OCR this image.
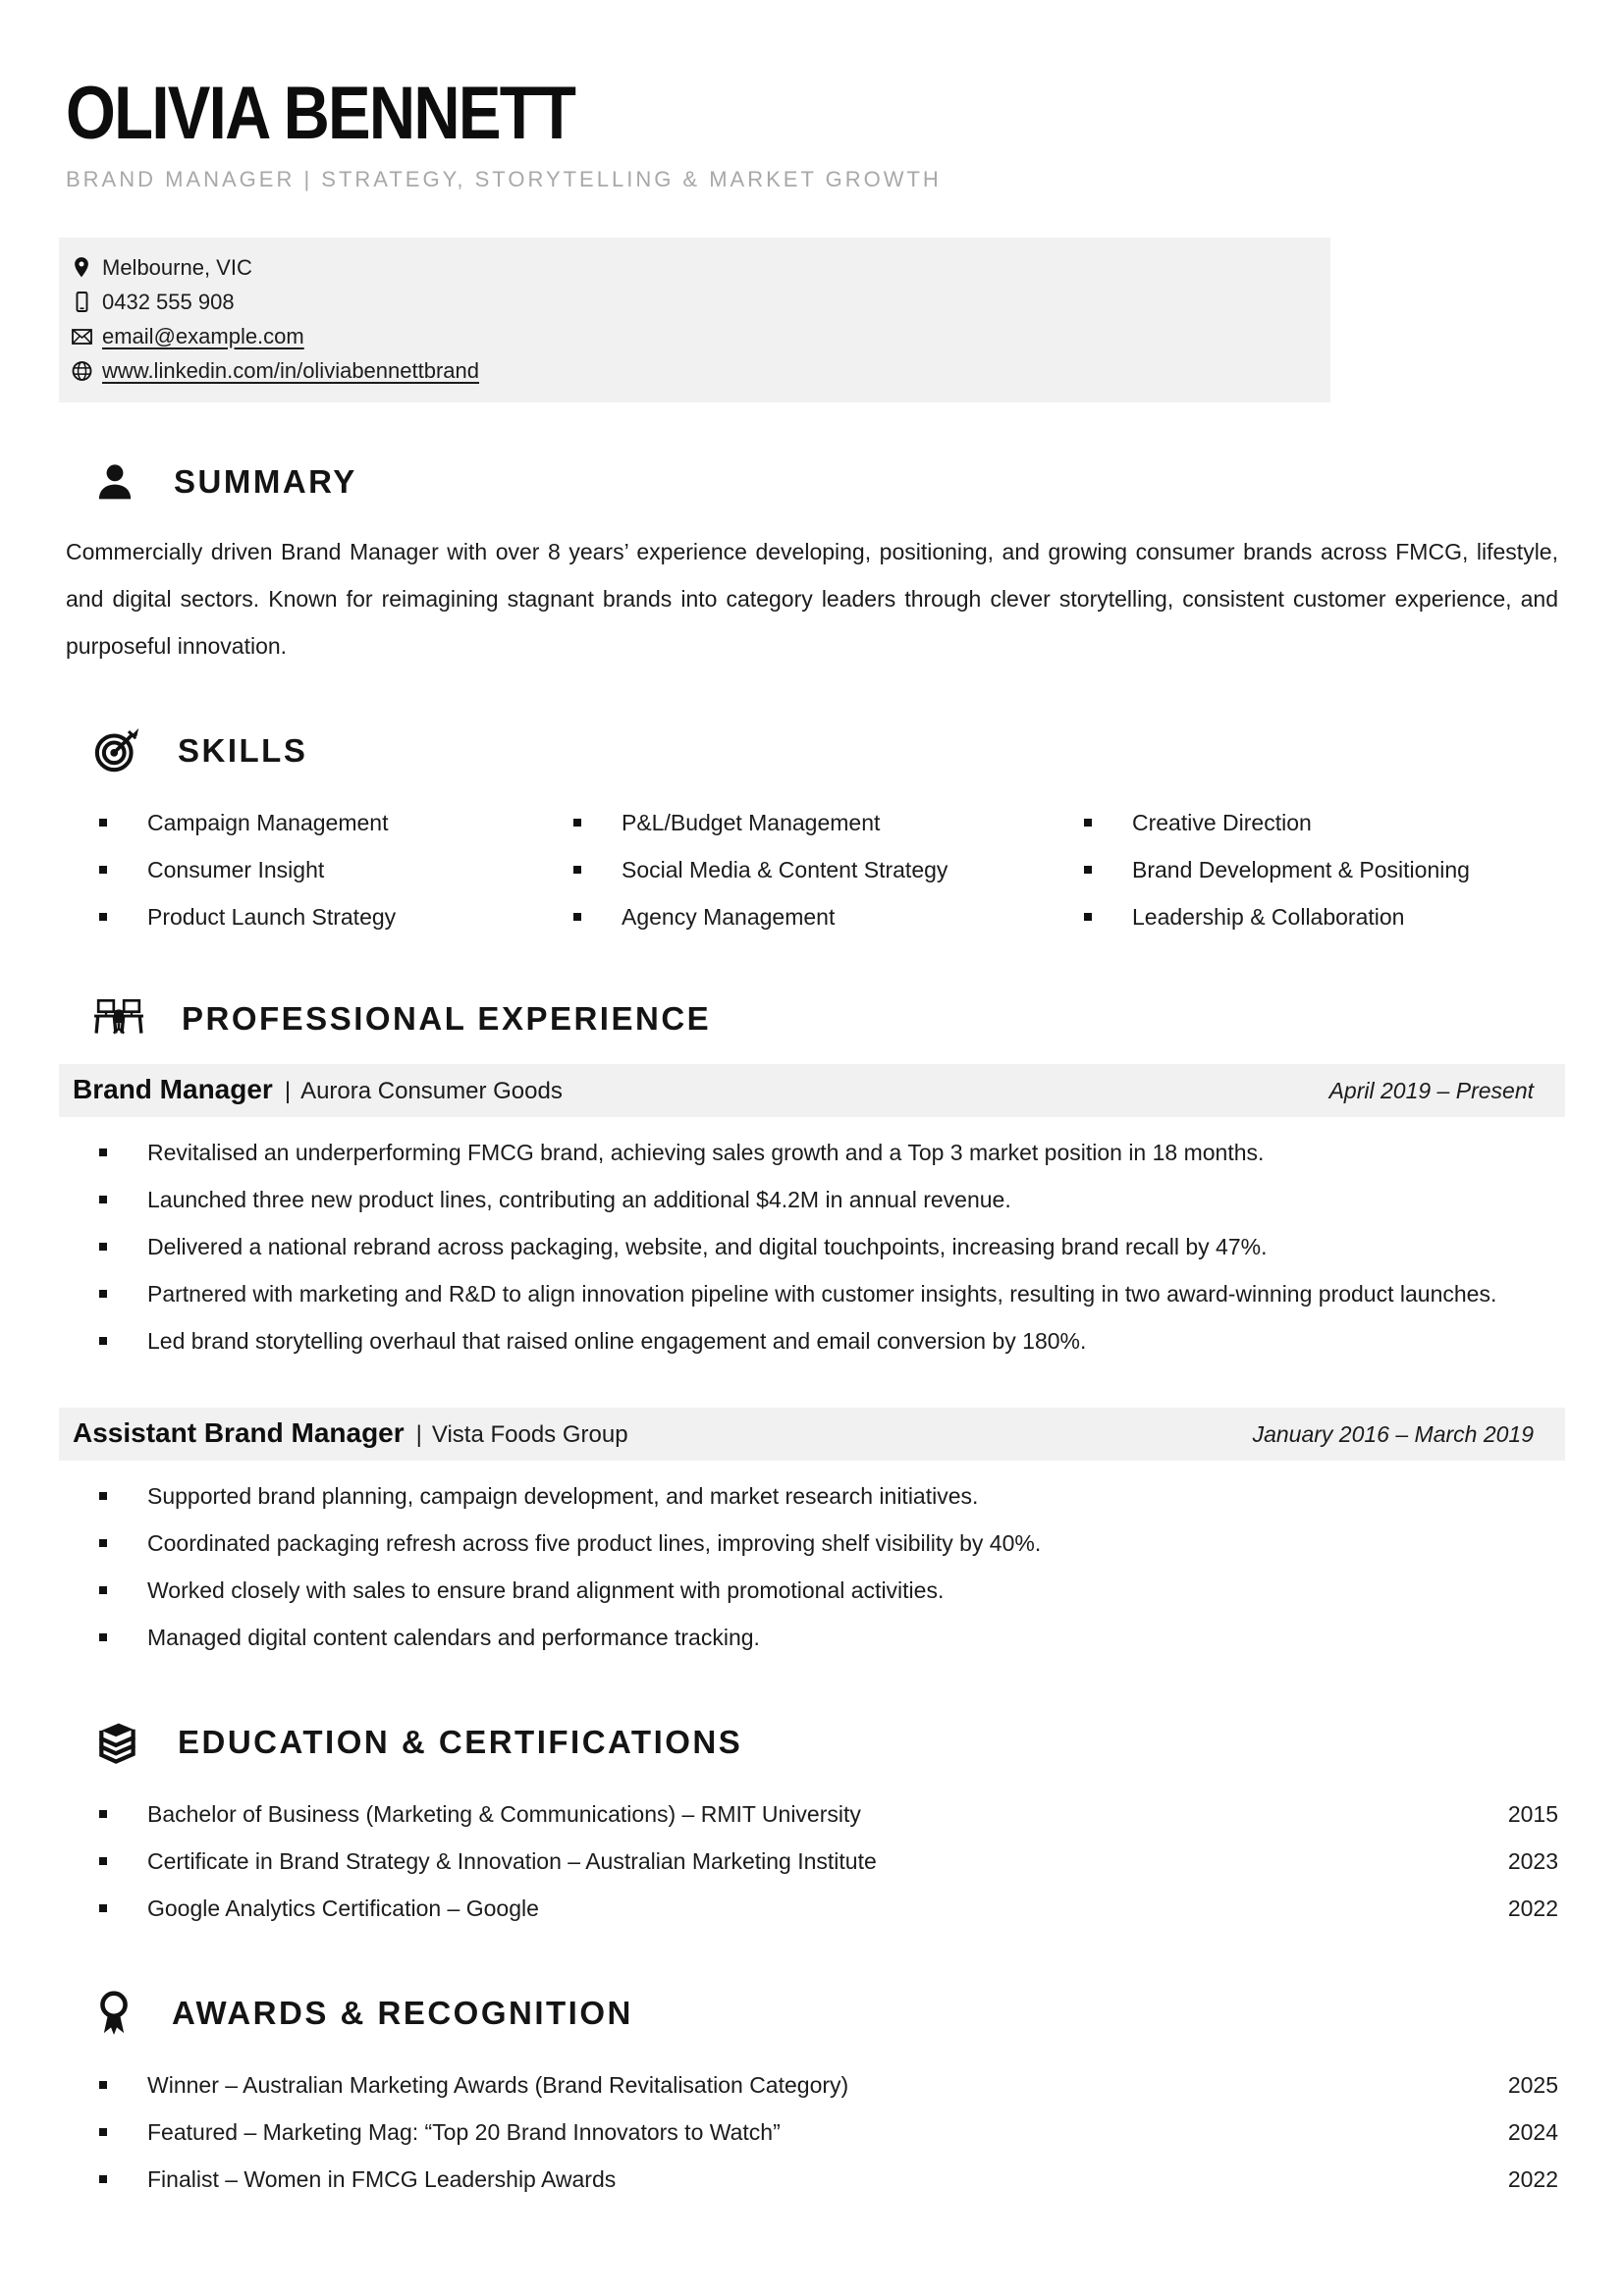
OLIVIA BENNETT
BRAND MANAGER | STRATEGY, STORYTELLING & MARKET GROWTH
Melbourne, VIC
0432 555 908
email@example.com
www.linkedin.com/in/oliviabennettbrand
SUMMARY
Commercially driven Brand Manager with over 8 years’ experience developing, positioning, and growing consumer brands across FMCG, lifestyle, and digital sectors. Known for reimagining stagnant brands into category leaders through clever storytelling, consistent customer experience, and purposeful innovation.
SKILLS
Campaign Management
Consumer Insight
Product Launch Strategy
P&L/Budget Management
Social Media & Content Strategy
Agency Management
Creative Direction
Brand Development & Positioning
Leadership & Collaboration
PROFESSIONAL EXPERIENCE
Brand Manager | Aurora Consumer Goods	April 2019 – Present
Revitalised an underperforming FMCG brand, achieving sales growth and a Top 3 market position in 18 months.
Launched three new product lines, contributing an additional $4.2M in annual revenue.
Delivered a national rebrand across packaging, website, and digital touchpoints, increasing brand recall by 47%.
Partnered with marketing and R&D to align innovation pipeline with customer insights, resulting in two award-winning product launches.
Led brand storytelling overhaul that raised online engagement and email conversion by 180%.
Assistant Brand Manager | Vista Foods Group	January 2016 – March 2019
Supported brand planning, campaign development, and market research initiatives.
Coordinated packaging refresh across five product lines, improving shelf visibility by 40%.
Worked closely with sales to ensure brand alignment with promotional activities.
Managed digital content calendars and performance tracking.
EDUCATION & CERTIFICATIONS
Bachelor of Business (Marketing & Communications) – RMIT University	2015
Certificate in Brand Strategy & Innovation – Australian Marketing Institute	2023
Google Analytics Certification – Google	2022
AWARDS & RECOGNITION
Winner – Australian Marketing Awards (Brand Revitalisation Category)	2025
Featured – Marketing Mag: “Top 20 Brand Innovators to Watch”	2024
Finalist – Women in FMCG Leadership Awards	2022
